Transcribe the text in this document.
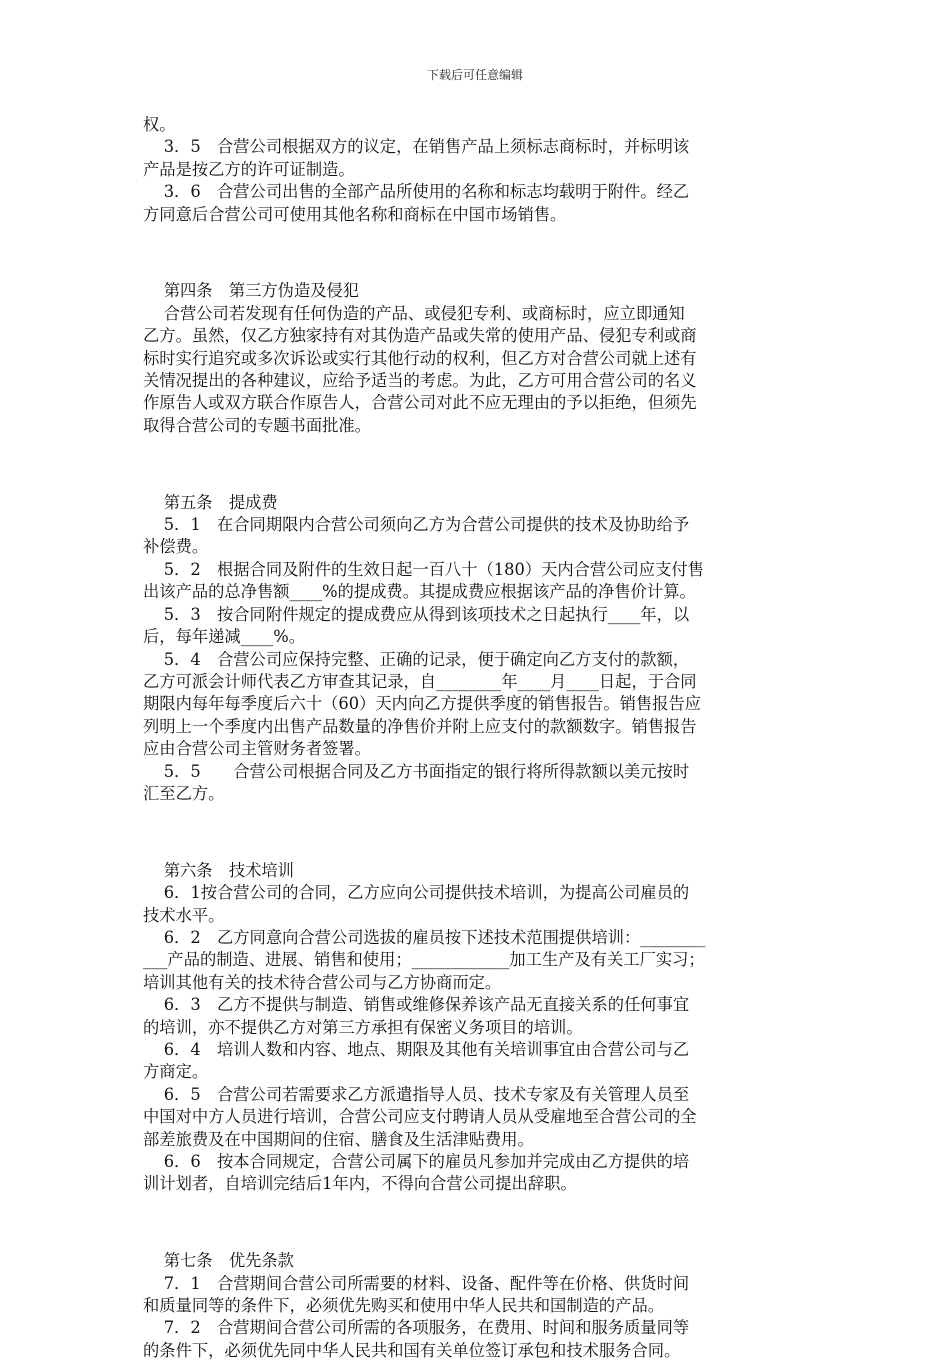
下载后可任意编辑

权。

3．5　合营公司根据双方的议定，在销售产品上须标志商标时，并标明该

产品是按乙方的许可证制造。

3．6　合营公司出售的全部产品所使用的名称和标志均载明于附件。经乙

方同意后合营公司可使用其他名称和商标在中国市场销售。

第四条　第三方伪造及侵犯

合营公司若发现有任何伪造的产品、或侵犯专利、或商标时，应立即通知

乙方。虽然，仅乙方独家持有对其伪造产品或失常的使用产品、侵犯专利或商

标时实行追究或多次诉讼或实行其他行动的权利，但乙方对合营公司就上述有

关情况提出的各种建议，应给予适当的考虑。为此，乙方可用合营公司的名义

作原告人或双方联合作原告人，合营公司对此不应无理由的予以拒绝，但须先

取得合营公司的专题书面批准。

第五条　提成费

5．1　在合同期限内合营公司须向乙方为合营公司提供的技术及协助给予

补偿费。

5．2　根据合同及附件的生效日起一百八十（180）天内合营公司应支付售

出该产品的总净售额____%的提成费。其提成费应根据该产品的净售价计算。

5．3　按合同附件规定的提成费应从得到该项技术之日起执行____年，以

后，每年递减____%。

5．4　合营公司应保持完整、正确的记录，便于确定向乙方支付的款额，

乙方可派会计师代表乙方审查其记录，自________年____月____日起，于合同

期限内每年每季度后六十（60）天内向乙方提供季度的销售报告。销售报告应

列明上一个季度内出售产品数量的净售价并附上应支付的款额数字。销售报告

应由合营公司主管财务者签署。

5．5　　合营公司根据合同及乙方书面指定的银行将所得款额以美元按时

汇至乙方。

第六条　技术培训

6．1按合营公司的合同，乙方应向公司提供技术培训，为提高公司雇员的

技术水平。

6．2　乙方同意向合营公司选拔的雇员按下述技术范围提供培训：________

___产品的制造、进展、销售和使用；____________加工生产及有关工厂实习；

培训其他有关的技术待合营公司与乙方协商而定。

6．3　乙方不提供与制造、销售或维修保养该产品无直接关系的任何事宜

的培训，亦不提供乙方对第三方承担有保密义务项目的培训。

6．4　培训人数和内容、地点、期限及其他有关培训事宜由合营公司与乙

方商定。

6．5　合营公司若需要求乙方派遣指导人员、技术专家及有关管理人员至

中国对中方人员进行培训，合营公司应支付聘请人员从受雇地至合营公司的全

部差旅费及在中国期间的住宿、膳食及生活津贴费用。

6．6　按本合同规定，合营公司属下的雇员凡参加并完成由乙方提供的培

训计划者，自培训完结后1年内，不得向合营公司提出辞职。

第七条　优先条款

7．1　合营期间合营公司所需要的材料、设备、配件等在价格、供货时间

和质量同等的条件下，必须优先购买和使用中华人民共和国制造的产品。

7．2　合营期间合营公司所需的各项服务，在费用、时间和服务质量同等

的条件下，必须优先同中华人民共和国有关单位签订承包和技术服务合同。
